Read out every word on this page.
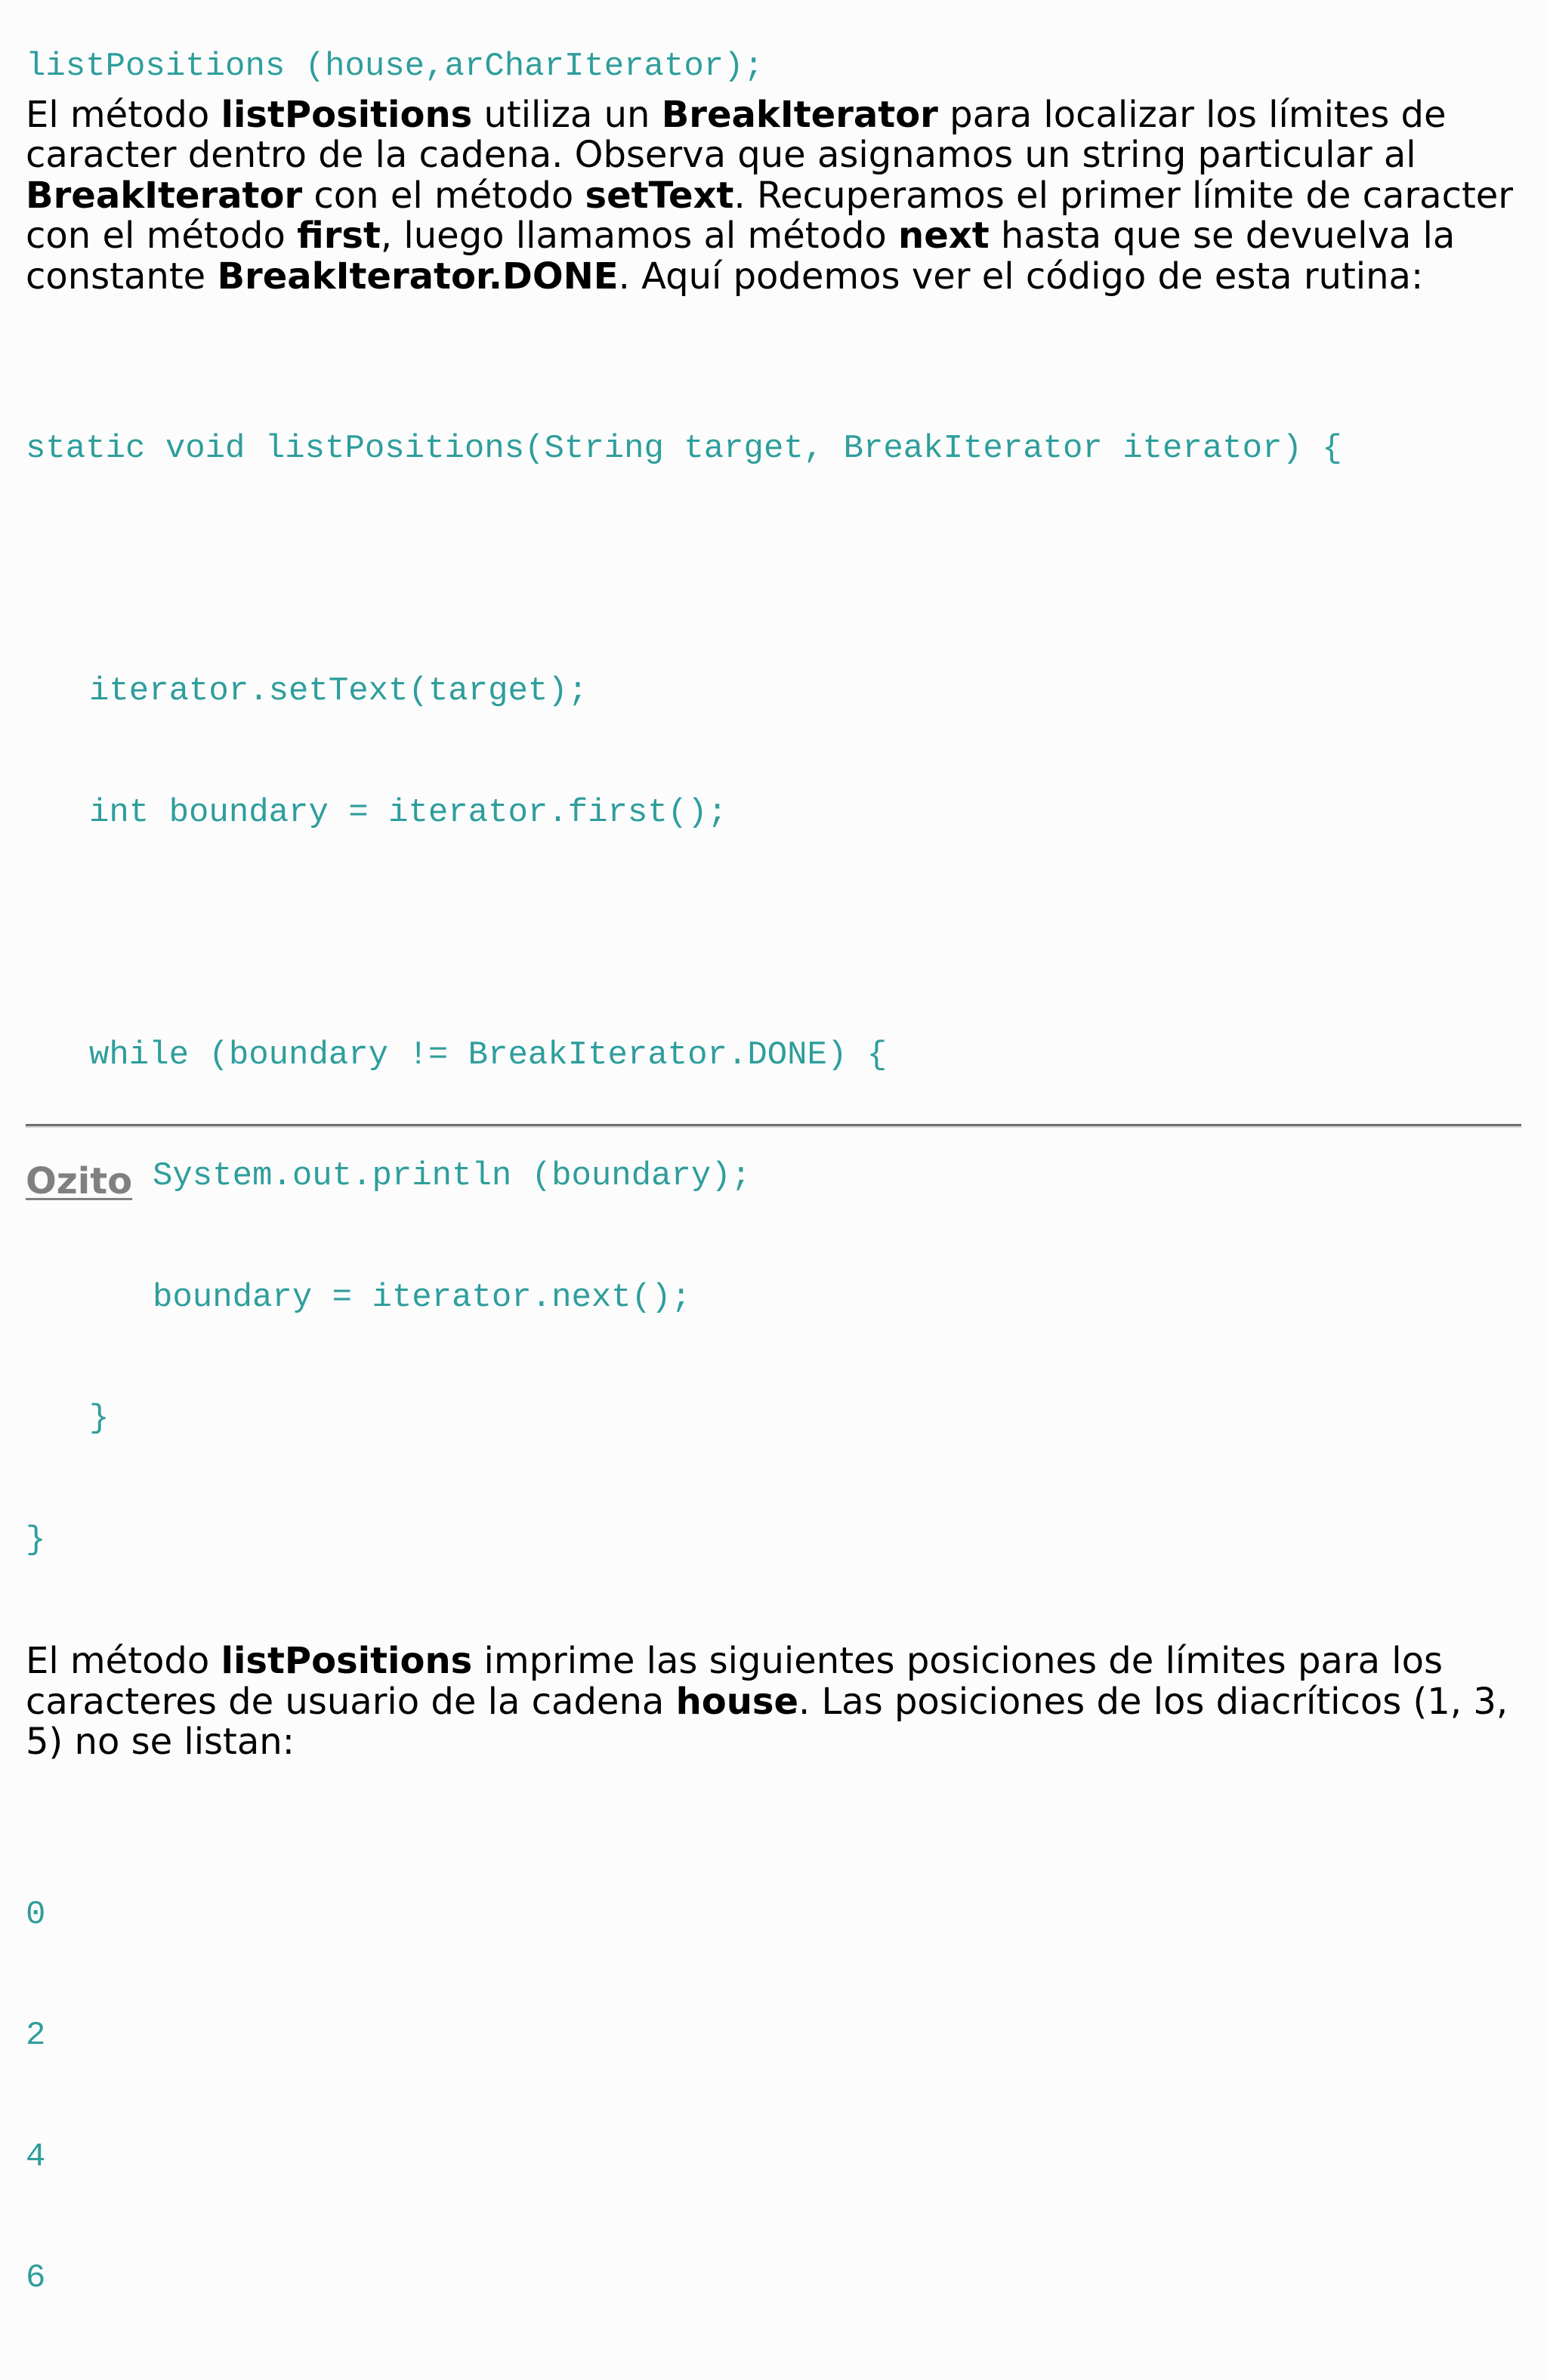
listPositions (house,arCharIterator);
El método listPositions utiliza un BreakIterator para localizar los límites de
caracter dentro de la cadena. Observa que asignamos un string particular al
BreakIterator con el método setText. Recuperamos el primer límite de caracter
con el método first, luego llamamos al método next hasta que se devuelva la
constante BreakIterator.DONE. Aquí podemos ver el código de esta rutina:

static void listPositions(String target, BreakIterator iterator) {

iterator.setText(target);

int boundary = iterator.first();

while (boundary != BreakIterator.DONE) {

System.out.println (boundary);

boundary = iterator.next();

}

}

El método listPositions imprime las siguientes posiciones de límites para los
caracteres de usuario de la cadena house. Las posiciones de los diacríticos (1, 3,
5) no se listan:

0

2

4

6

Ozito
